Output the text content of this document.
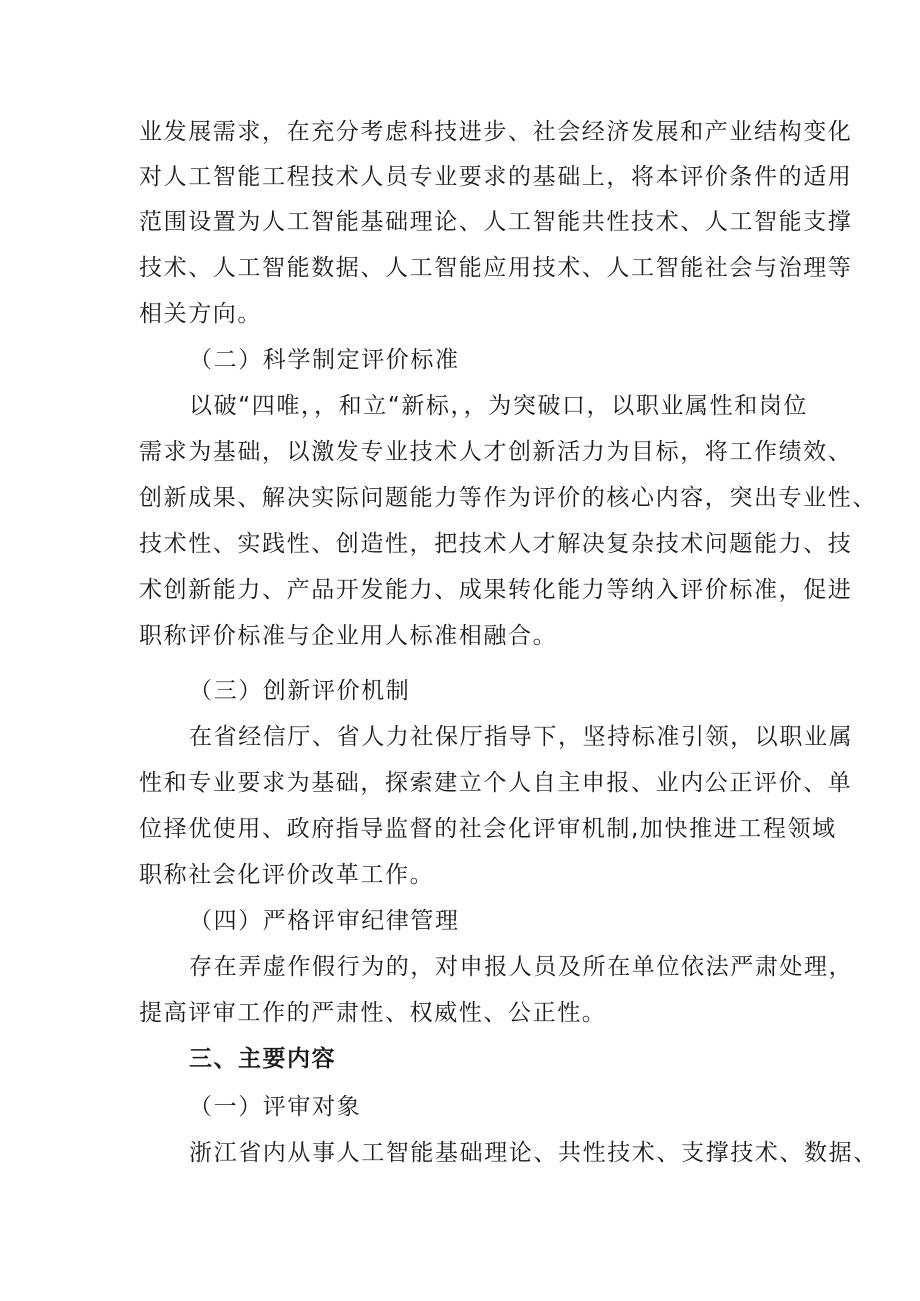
业发展需求，在充分考虑科技进步、社会经济发展和产业结构变化
对人工智能工程技术人员专业要求的基础上，将本评价条件的适用
范围设置为人工智能基础理论、人工智能共性技术、人工智能支撑
技术、人工智能数据、人工智能应用技术、人工智能社会与治理等
相关方向。
（二）科学制定评价标准
以破“四唯，，和立“新标，，为突破口，以职业属性和岗位
需求为基础，以激发专业技术人才创新活力为目标，将工作绩效、
创新成果、解决实际问题能力等作为评价的核心内容，突出专业性、
技术性、实践性、创造性，把技术人才解决复杂技术问题能力、技
术创新能力、产品开发能力、成果转化能力等纳入评价标准，促进
职称评价标准与企业用人标准相融合。
（三）创新评价机制
在省经信厅、省人力社保厅指导下，坚持标准引领，以职业属
性和专业要求为基础，探索建立个人自主申报、业内公正评价、单
位择优使用、政府指导监督的社会化评审机制,加快推进工程领域
职称社会化评价改革工作。
（四）严格评审纪律管理
存在弄虚作假行为的，对申报人员及所在单位依法严肃处理，
提高评审工作的严肃性、权威性、公正性。
三、主要内容
（一）评审对象
浙江省内从事人工智能基础理论、共性技术、支撑技术、数据、
